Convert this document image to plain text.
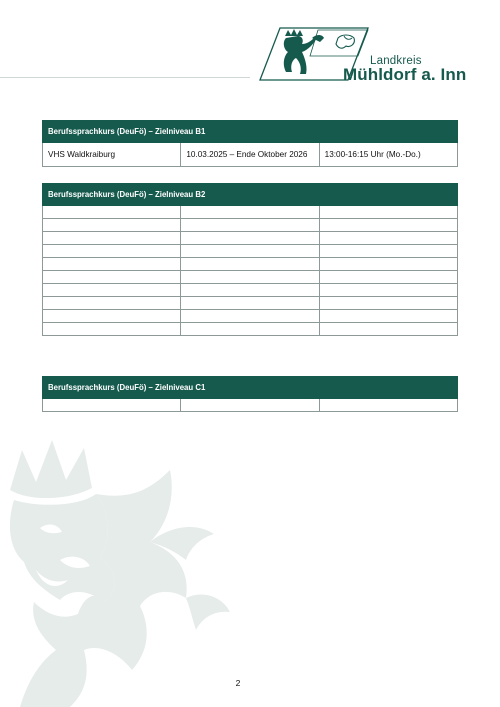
Landkreis
Mühldorf a. Inn
Berufssprachkurs (DeuFö) – Zielniveau B1
VHS Waldkraiburg	10.03.2025 – Ende Oktober 2026	13:00-16:15 Uhr (Mo.-Do.)
Berufssprachkurs (DeuFö) – Zielniveau B2		

Berufssprachkurs (DeuFö) – Zielniveau C1

2
